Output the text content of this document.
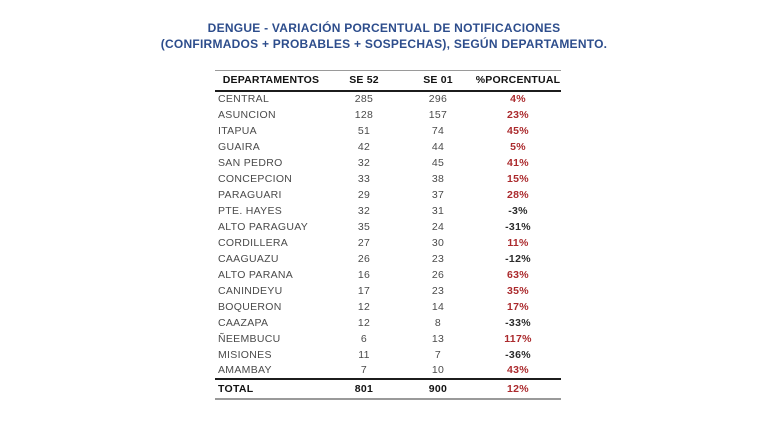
DENGUE - VARIACIÓN PORCENTUAL DE NOTIFICACIONES
(CONFIRMADOS + PROBABLES + SOSPECHAS), SEGÚN DEPARTAMENTO.
DEPARTAMENTOS	SE 52	SE 01	%PORCENTUAL
CENTRAL	285	296	4%
ASUNCION	128	157	23%
ITAPUA	51	74	45%
GUAIRA	42	44	5%
SAN PEDRO	32	45	41%
CONCEPCION	33	38	15%
PARAGUARI	29	37	28%
PTE. HAYES	32	31	-3%
ALTO PARAGUAY	35	24	-31%
CORDILLERA	27	30	11%
CAAGUAZU	26	23	-12%
ALTO PARANA	16	26	63%
CANINDEYU	17	23	35%
BOQUERON	12	14	17%
CAAZAPA	12	8	-33%
ÑEEMBUCU	6	13	117%
MISIONES	11	7	-36%
AMAMBAY	7	10	43%
TOTAL	801	900	12%
